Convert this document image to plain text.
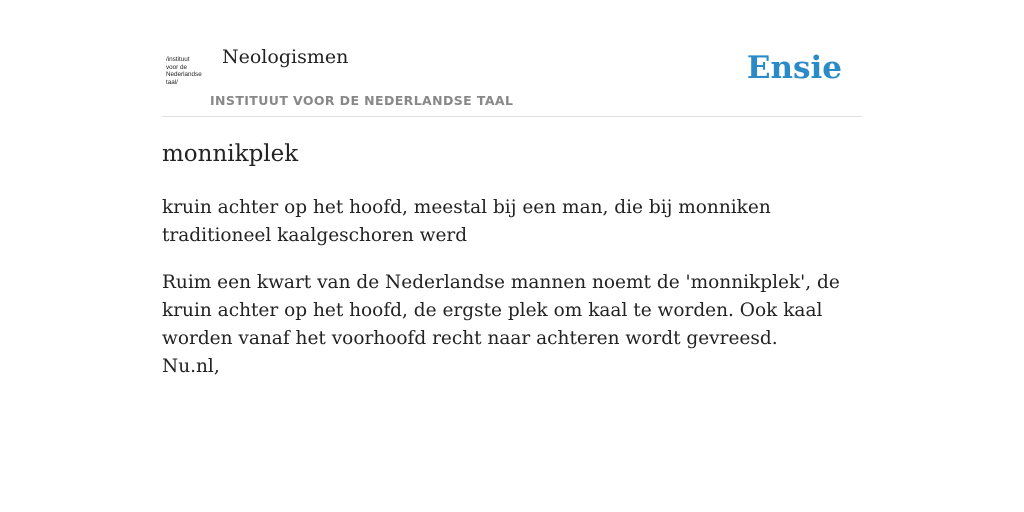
/instituut
voor de
Nederlandse
taal/
Neologismen
INSTITUUT VOOR DE NEDERLANDSE TAAL
Ensie
monnikplek

kruin achter op het hoofd, meestal bij een man, die bij monniken traditioneel kaalgeschoren werd

Ruim een kwart van de Nederlandse mannen noemt de 'monnikplek', de kruin achter op het hoofd, de ergste plek om kaal te worden. Ook kaal worden vanaf het voorhoofd recht naar achteren wordt gevreesd.

Nu.nl,
